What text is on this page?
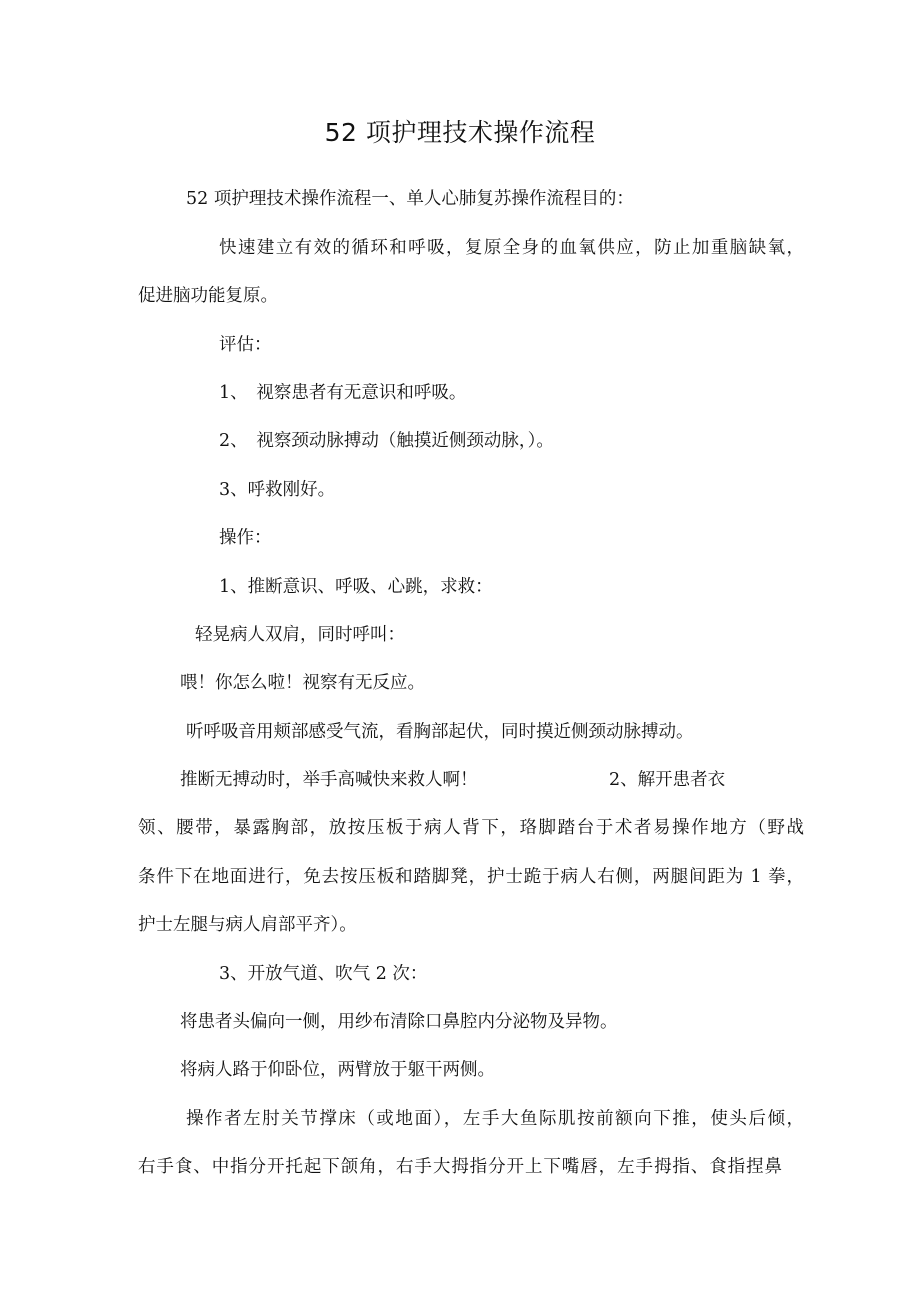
52 项护理技术操作流程
52 项护理技术操作流程一、单人心肺复苏操作流程目的：
快速建立有效的循环和呼吸，复原全身的血氧供应，防止加重脑缺氧，
促进脑功能复原。
评估：
1、　视察患者有无意识和呼吸。
2、　视察颈动脉搏动（触摸近侧颈动脉，）。
3、呼救刚好。
操作：
1、推断意识、呼吸、心跳，求救：
轻晃病人双肩，同时呼叫：
喂！你怎么啦！视察有无反应。
听呼吸音用颊部感受气流，看胸部起伏，同时摸近侧颈动脉搏动。
推断无搏动时，举手高喊快来救人啊！	2、解开患者衣
领、腰带，暴露胸部，放按压板于病人背下，珞脚踏台于术者易操作地方（野战
条件下在地面进行，免去按压板和踏脚凳，护士跪于病人右侧，两腿间距为 1 拳，
护士左腿与病人肩部平齐）。
3、开放气道、吹气 2 次：
将患者头偏向一侧，用纱布清除口鼻腔内分泌物及异物。
将病人路于仰卧位，两臂放于躯干两侧。
操作者左肘关节撑床（或地面），左手大鱼际肌按前额向下推，使头后倾，
右手食、中指分开托起下颌角，右手大拇指分开上下嘴唇，左手拇指、食指捏鼻
